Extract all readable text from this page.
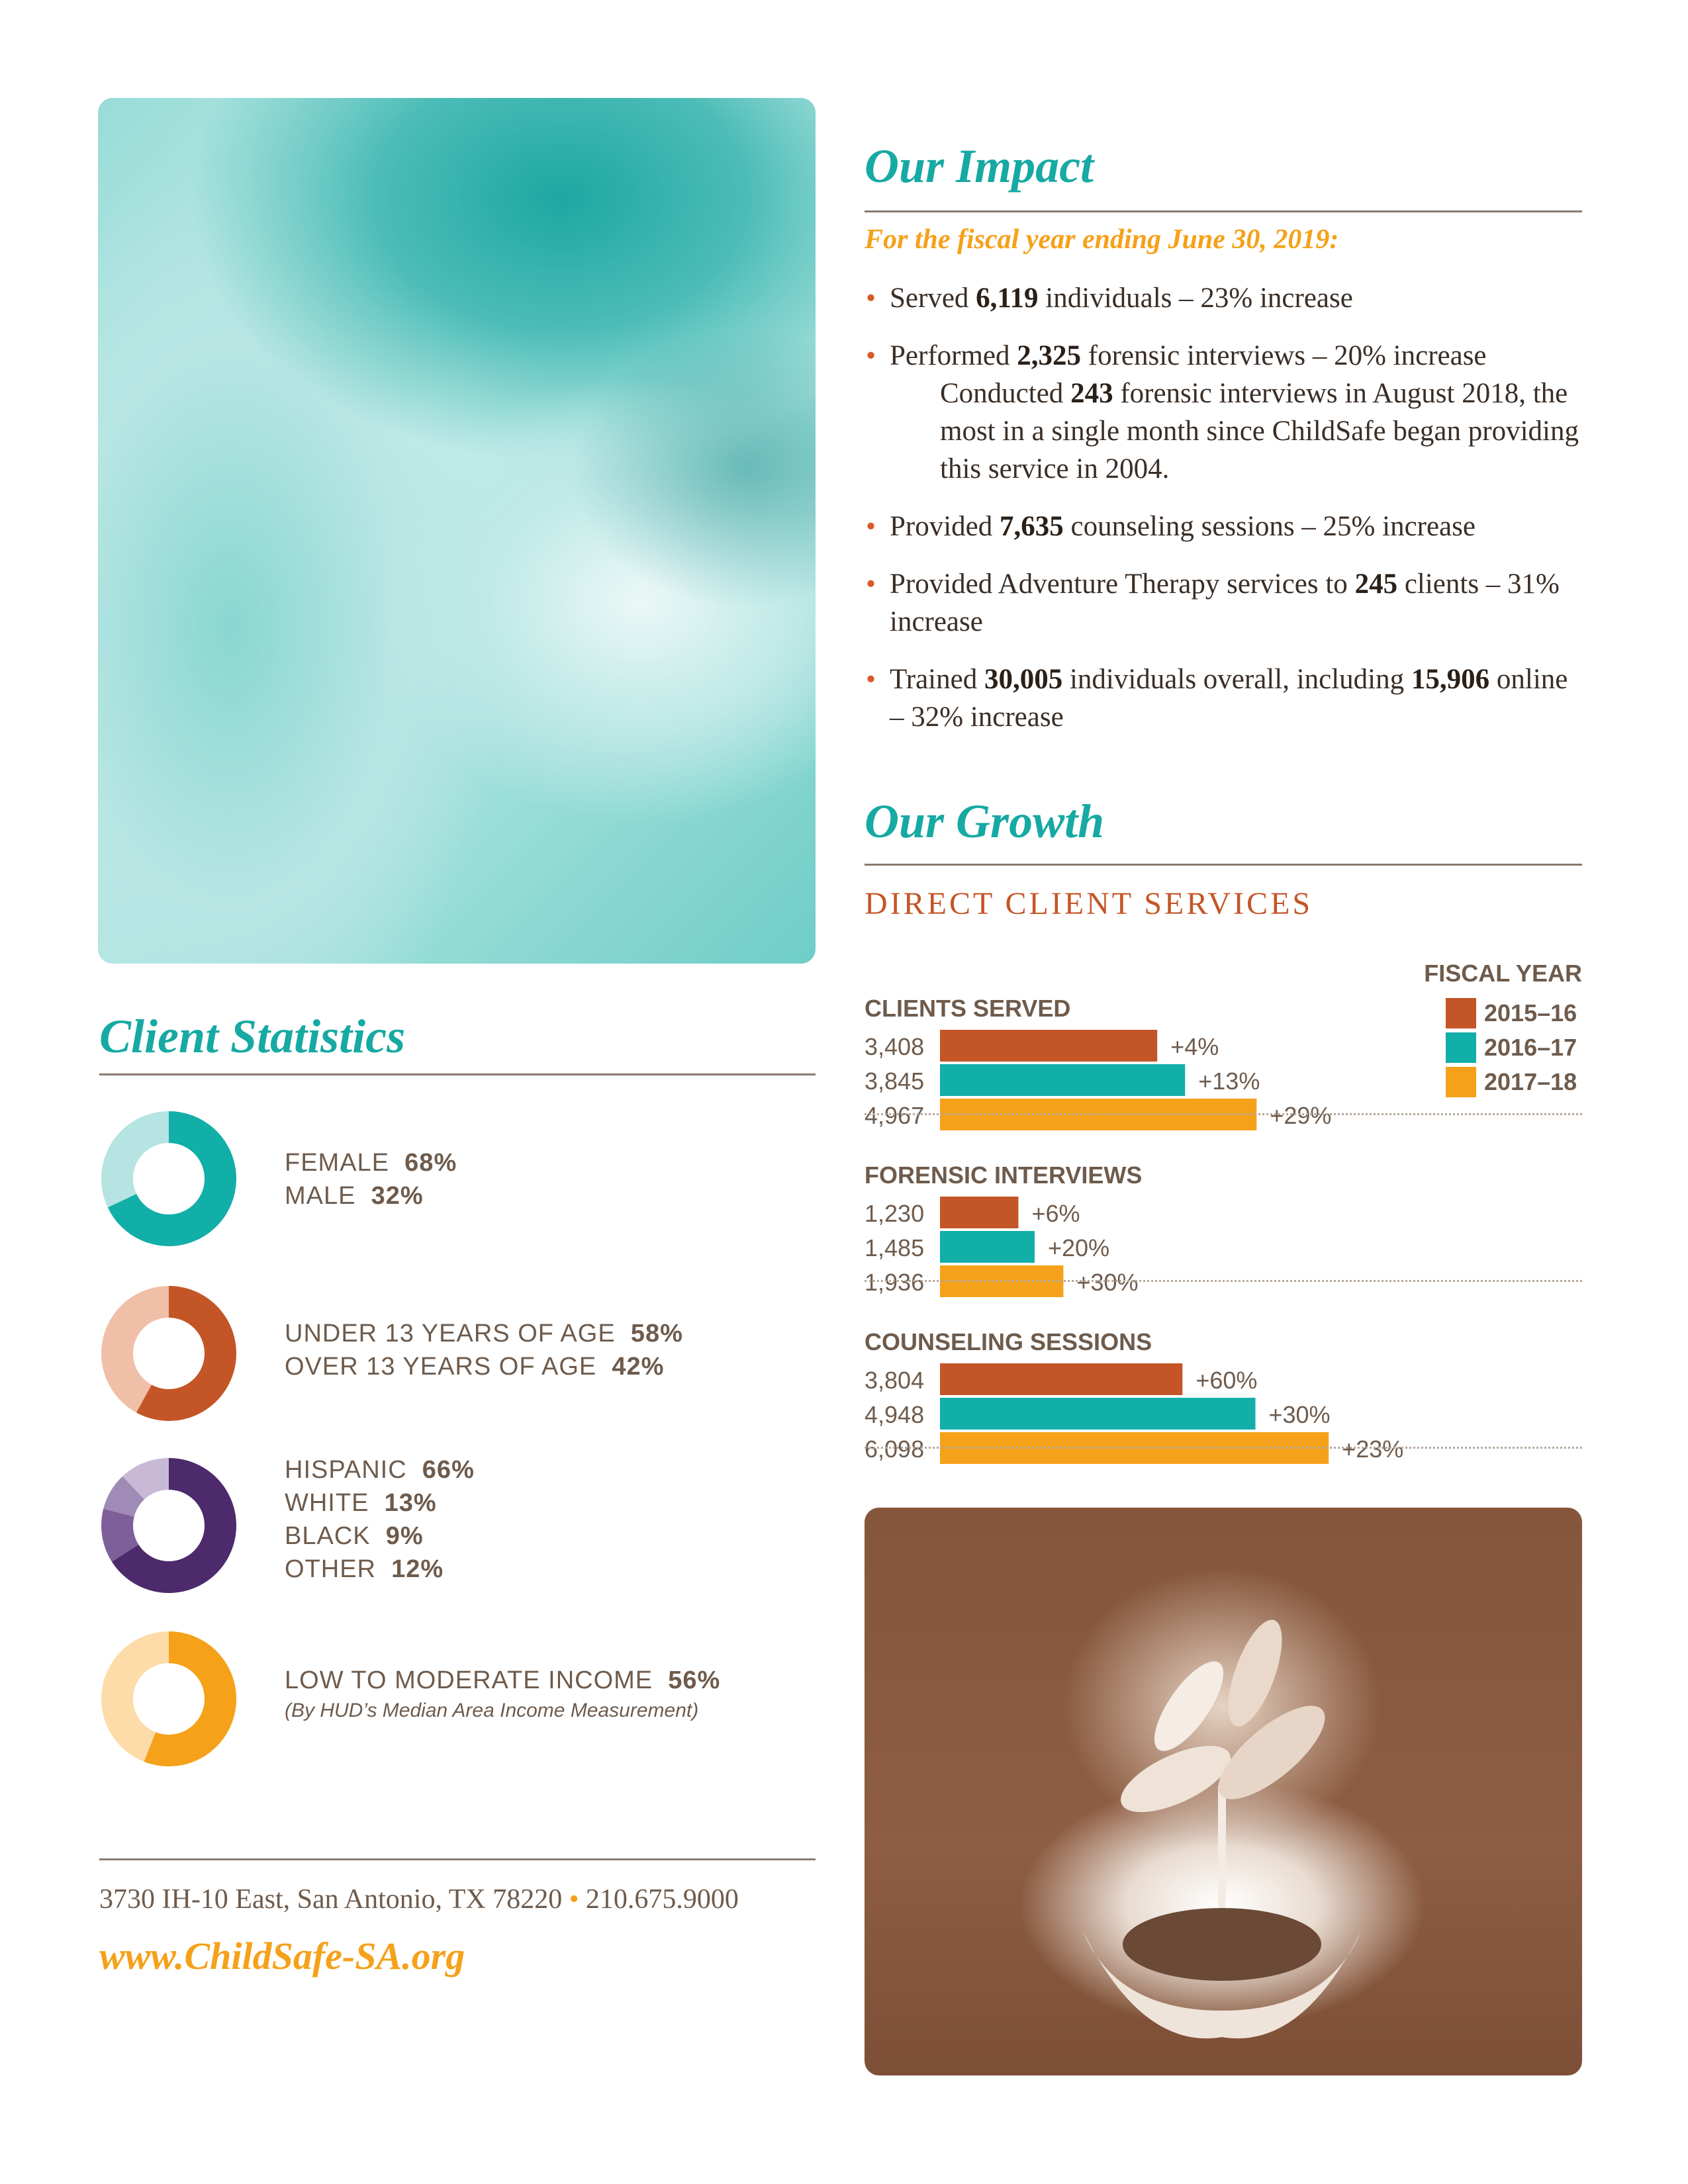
Our Impact

For the fiscal year ending June 30, 2019:

• Served 6,119 individuals – 23% increase
• Performed 2,325 forensic interviews – 20% increase
Conducted 243 forensic interviews in August 2018, the most in a single month since ChildSafe began providing this service in 2004.
• Provided 7,635 counseling sessions – 25% increase
• Provided Adventure Therapy services to 245 clients – 31% increase
• Trained 30,005 individuals overall, including 15,906 online – 32% increase
Our Growth

DIRECT CLIENT SERVICES

FISCAL YEAR

2015–16
2016–17
2017–18
CLIENTS SERVED
3,408	+4%
3,845	+13%
4,967	+29%
FORENSIC INTERVIEWS
1,230	+6%
1,485	+20%
1,936	+30%
COUNSELING SESSIONS
3,804	+60%
4,948	+30%
6,098	+23%
Client Statistics
FEMALE 68%
MALE 32%
UNDER 13 YEARS OF AGE 58%
OVER 13 YEARS OF AGE 42%
HISPANIC 66%
WHITE 13%
BLACK 9%
OTHER 12%
LOW TO MODERATE INCOME 56%
(By HUD’s Median Area Income Measurement)

3730 IH-10 East, San Antonio, TX 78220 • 210.675.9000

www.ChildSafe-SA.org
